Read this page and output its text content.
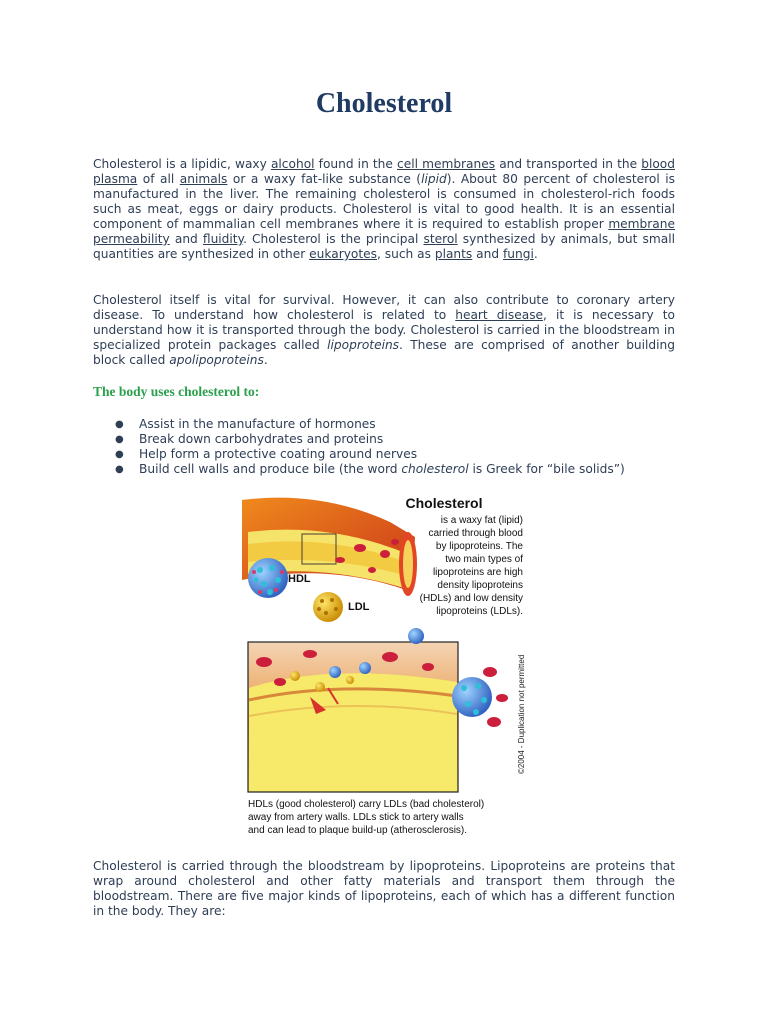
Cholesterol

Cholesterol is a lipidic, waxy alcohol found in the cell membranes and transported in the blood plasma of all animals or a waxy fat-like substance (lipid). About 80 percent of cholesterol is manufactured in the liver. The remaining cholesterol is consumed in cholesterol-rich foods such as meat, eggs or dairy products. Cholesterol is vital to good health. It is an essential component of mammalian cell membranes where it is required to establish proper membrane permeability and fluidity. Cholesterol is the principal sterol synthesized by animals, but small quantities are synthesized in other eukaryotes, such as plants and fungi.

Cholesterol itself is vital for survival. However, it can also contribute to coronary artery disease. To understand how cholesterol is related to heart disease, it is necessary to understand how it is transported through the body. Cholesterol is carried in the bloodstream in specialized protein packages called lipoproteins. These are comprised of another building block called apolipoproteins.

The body uses cholesterol to:
● Assist in the manufacture of hormones
● Break down carbohydrates and proteins
● Help form a protective coating around nerves
● Build cell walls and produce bile (the word cholesterol is Greek for “bile solids”)
HDL
LDL
Cholesterol
is a waxy fat (lipid)
carried through blood
by lipoproteins. The
two main types of
lipoproteins are high
density lipoproteins
(HDLs) and low density
lipoproteins (LDLs).
©2004 - Duplication not permitted
HDLs (good cholesterol) carry LDLs (bad cholesterol)
away from artery walls. LDLs stick to artery walls
and can lead to plaque build-up (atherosclerosis).

Cholesterol is carried through the bloodstream by lipoproteins. Lipoproteins are proteins that wrap around cholesterol and other fatty materials and transport them through the bloodstream. There are five major kinds of lipoproteins, each of which has a different function in the body. They are:
